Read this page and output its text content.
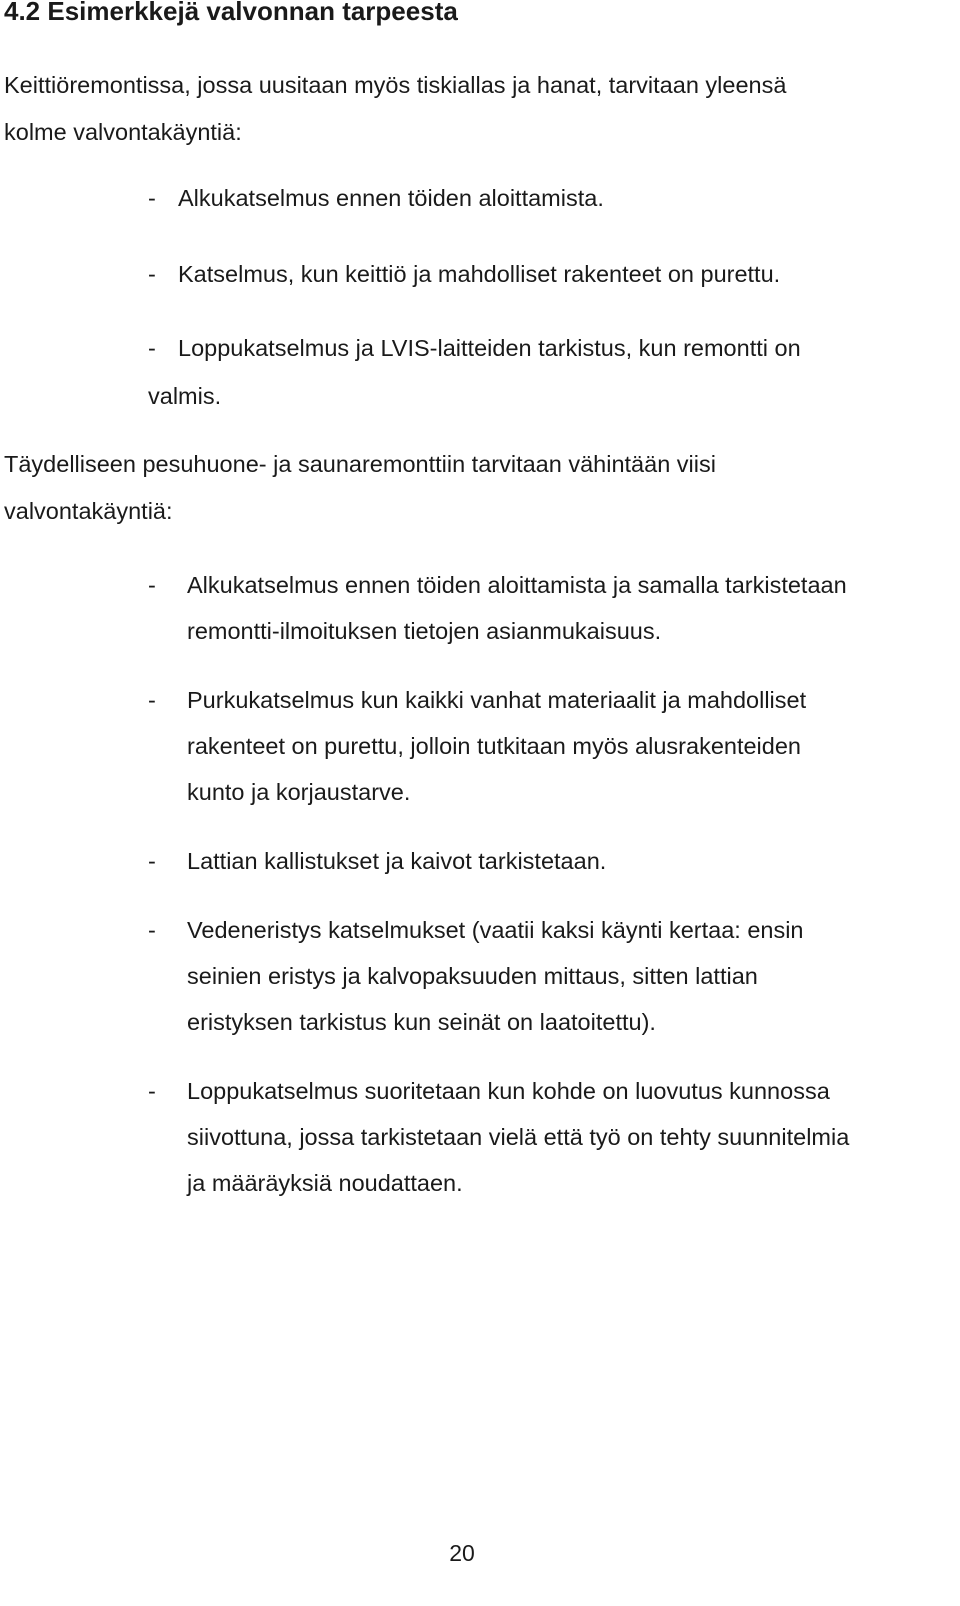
4.2 Esimerkkejä valvonnan tarpeesta

Keittiöremontissa, jossa uusitaan myös tiskiallas ja hanat, tarvitaan yleensä
kolme valvontakäyntiä:

- Alkukatselmus ennen töiden aloittamista.
- Katselmus, kun keittiö ja mahdolliset rakenteet on purettu.
- Loppukatselmus ja LVIS-laitteiden tarkistus, kun remontti on
valmis.

Täydelliseen pesuhuone- ja saunaremonttiin tarvitaan vähintään viisi
valvontakäyntiä:

- Alkukatselmus ennen töiden aloittamista ja samalla tarkistetaan
remontti-ilmoituksen tietojen asianmukaisuus.
- Purkukatselmus kun kaikki vanhat materiaalit ja mahdolliset
rakenteet on purettu, jolloin tutkitaan myös alusrakenteiden
kunto ja korjaustarve.
- Lattian kallistukset ja kaivot tarkistetaan.
- Vedeneristys katselmukset (vaatii kaksi käynti kertaa: ensin
seinien eristys ja kalvopaksuuden mittaus, sitten lattian
eristyksen tarkistus kun seinät on laatoitettu).
- Loppukatselmus suoritetaan kun kohde on luovutus kunnossa
siivottuna, jossa tarkistetaan vielä että työ on tehty suunnitelmia
ja määräyksiä noudattaen.
20
